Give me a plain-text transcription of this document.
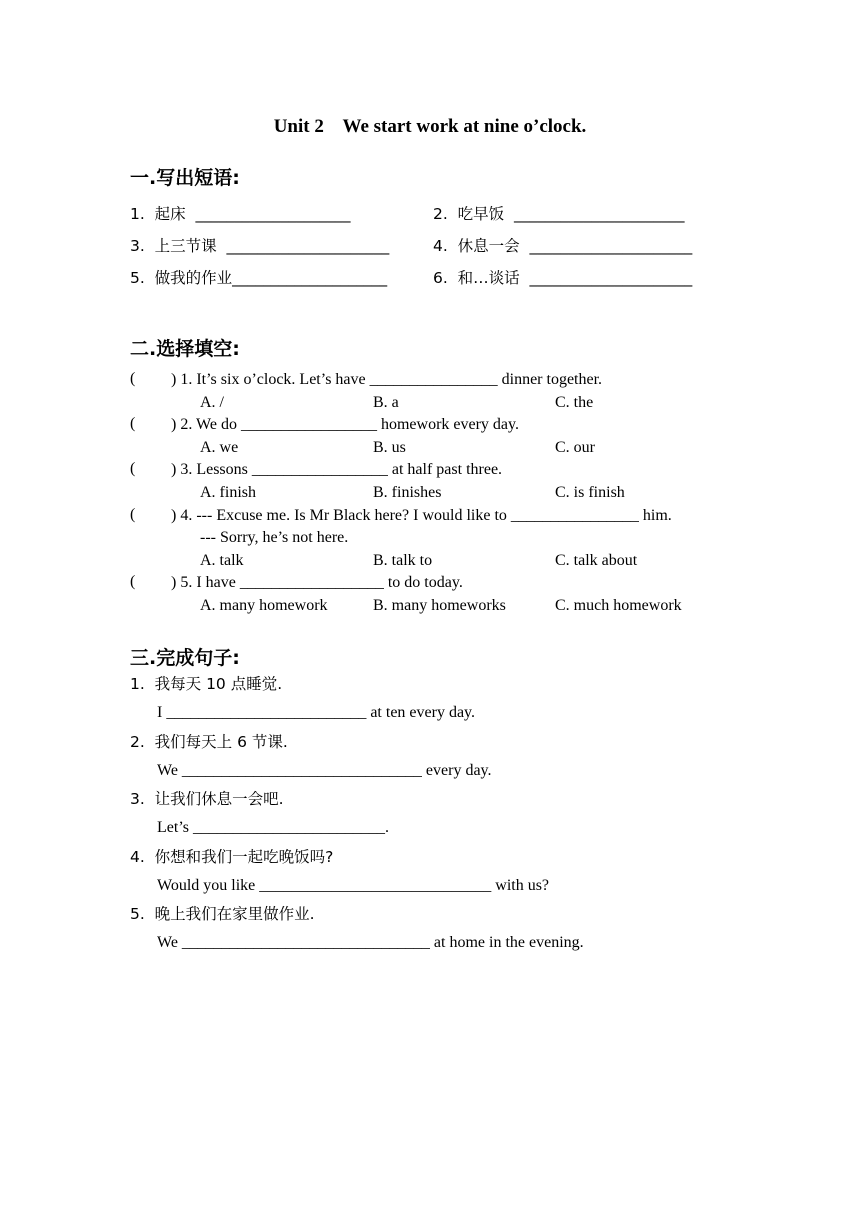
Unit 2    We start work at nine o’clock.
一.写出短语:
1.  起床  ____________________	2.  吃早饭  ______________________
3.  上三节课  _____________________	4.  休息一会  _____________________
5.  做我的作业____________________	6.  和…谈话  _____________________
二.选择填空:
( ) 1. It’s six o’clock. Let’s have ________________ dinner together.
A. /	B. a	C. the
( ) 2. We do _________________ homework every day.
A. we	B. us	C. our
( ) 3. Lessons _________________ at half past three.
A. finish	B. finishes	C. is finish
( ) 4. --- Excuse me. Is Mr Black here? I would like to ________________ him.
--- Sorry, he’s not here.
A. talk	B. talk to	C. talk about
( ) 5. I have __________________ to do today.
A. many homework	B. many homeworks	C. much homework
三.完成句子:
1.  我每天 10 点睡觉.
I _________________________ at ten every day.
2.  我们每天上 6 节课.
We ______________________________ every day.
3.  让我们休息一会吧.
Let’s ________________________.
4.  你想和我们一起吃晚饭吗?
Would you like _____________________________ with us?
5.  晚上我们在家里做作业.
We _______________________________ at home in the evening.
